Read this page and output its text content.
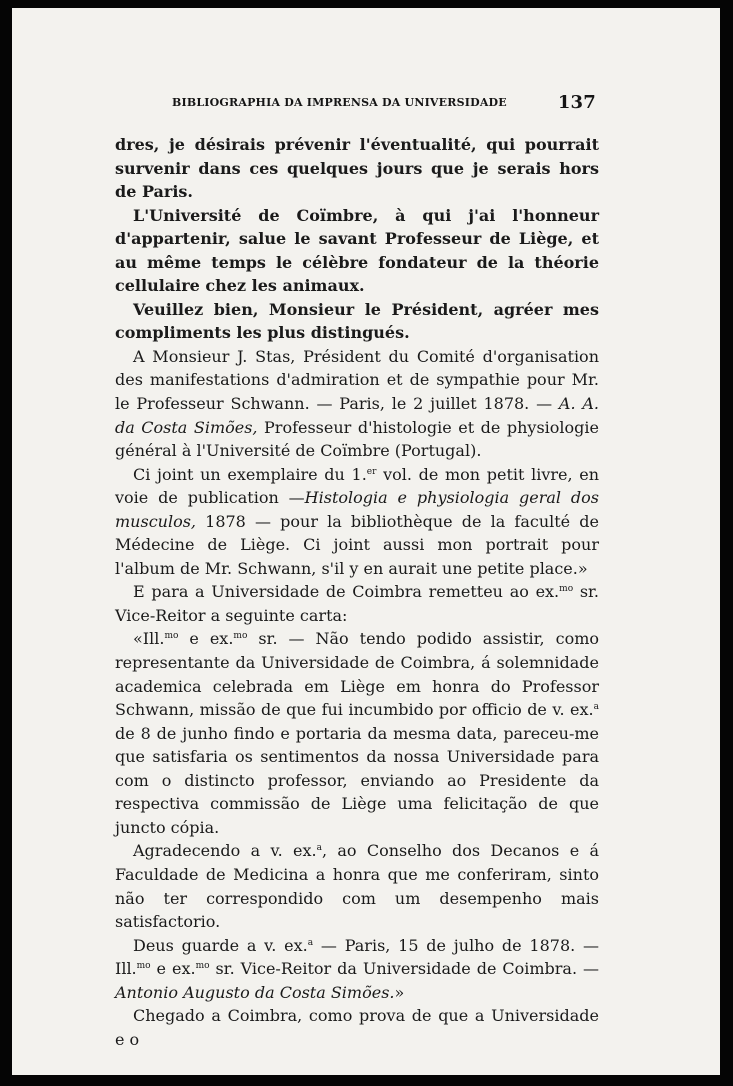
BIBLIOGRAPHIA DA IMPRENSA DA UNIVERSIDADE	137

dres, je désirais prévenir l'éventualité, qui pourrait survenir dans ces quelques jours que je serais hors de Paris.

L'Université de Coïmbre, à qui j'ai l'honneur d'appartenir, salue le savant Professeur de Liège, et au même temps le célèbre fondateur de la théorie cellulaire chez les animaux.

Veuillez bien, Monsieur le Président, agréer mes compliments les plus distingués.

A Monsieur J. Stas, Président du Comité d'organisation des manifestations d'admiration et de sympathie pour Mr. le Professeur Schwann. — Paris, le 2 juillet 1878. — A. A. da Costa Simões, Professeur d'histologie et de physiologie général à l'Université de Coïmbre (Portugal).

Ci joint un exemplaire du 1.$^{er}$ vol. de mon petit livre, en voie de publication —Histologia e physiologia geral dos musculos, 1878 — pour la bibliothèque de la faculté de Médecine de Liège. Ci joint aussi mon portrait pour l'album de Mr. Schwann, s'il y en aurait une petite place.»

E para a Universidade de Coimbra remetteu ao ex.$^{mo}$ sr. Vice-Reitor a seguinte carta:

«Ill.$^{mo}$ e ex.$^{mo}$ sr. — Não tendo podido assistir, como representante da Universidade de Coimbra, á solemnidade academica celebrada em Liège em honra do Professor Schwann, missão de que fui incumbido por officio de v. ex.$^a$ de 8 de junho findo e portaria da mesma data, pareceu-me que satisfaria os sentimentos da nossa Universidade para com o distincto professor, enviando ao Presidente da respectiva commissão de Liège uma felicitação de que juncto cópia.

Agradecendo a v. ex.$^a$, ao Conselho dos Decanos e á Faculdade de Medicina a honra que me conferiram, sinto não ter correspondido com um desempenho mais satisfactorio.

Deus guarde a v. ex.$^a$ — Paris, 15 de julho de 1878. — Ill.$^{mo}$ e ex.$^{mo}$ sr. Vice-Reitor da Universidade de Coimbra. — Antonio Augusto da Costa Simões.»

Chegado a Coimbra, como prova de que a Universidade e o
